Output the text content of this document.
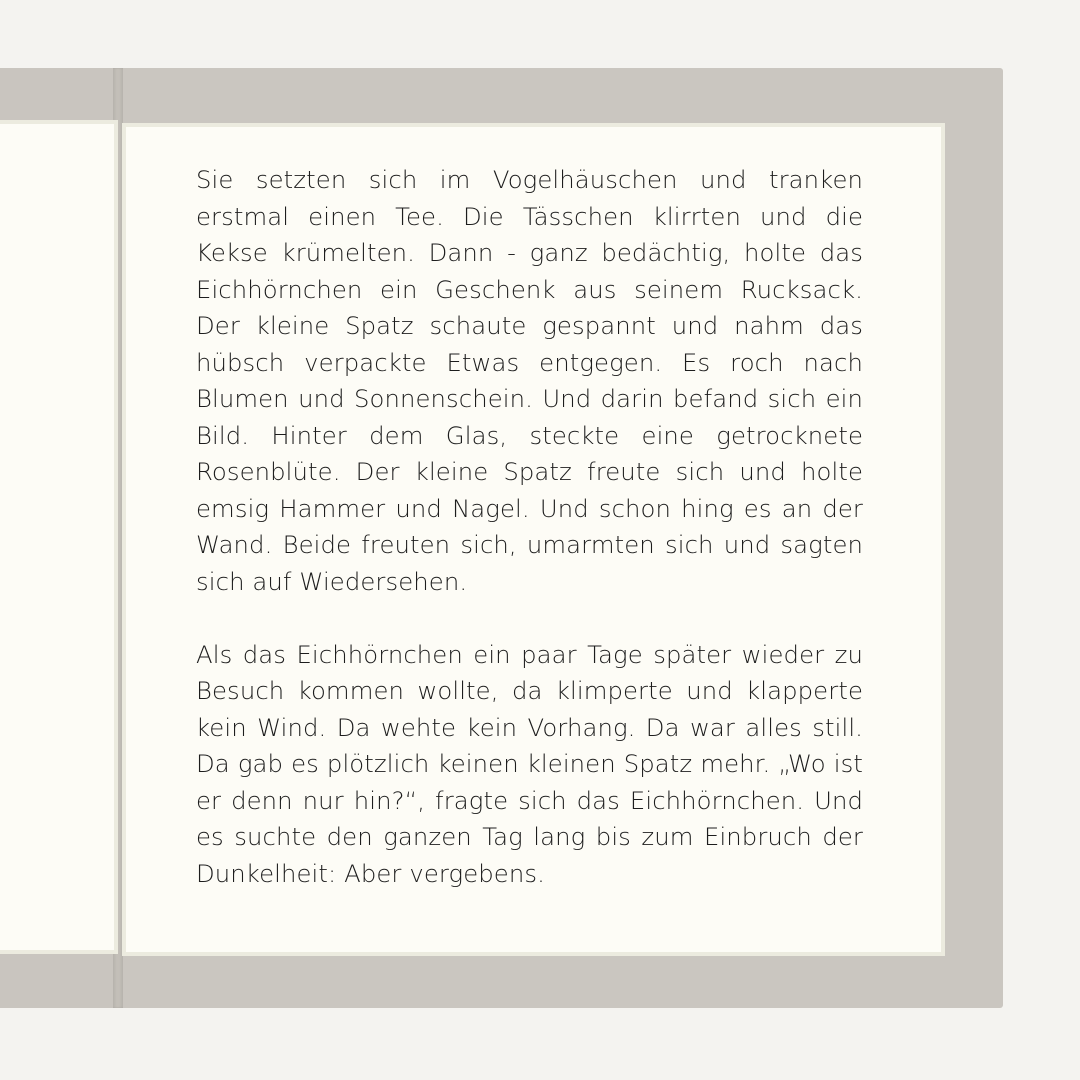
Sie setzten sich im Vogelhäuschen und tranken erstmal einen Tee. Die Tässchen klirrten und die Kekse krümelten. Dann - ganz bedächtig, holte das Eichhörnchen ein Geschenk aus seinem Rucksack. Der kleine Spatz schaute gespannt und nahm das hübsch verpackte Etwas entgegen. Es roch nach Blumen und Sonnenschein. Und darin befand sich ein Bild. Hinter dem Glas, steckte eine getrocknete Rosenblüte. Der kleine Spatz freute sich und holte emsig Hammer und Nagel. Und schon hing es an der Wand. Beide freuten sich, umarmten sich und sagten sich auf Wiedersehen.

Als das Eichhörnchen ein paar Tage später wieder zu Besuch kommen wollte, da klimperte und klapperte kein Wind. Da wehte kein Vorhang. Da war alles still. Da gab es plötzlich keinen kleinen Spatz mehr. „Wo ist er denn nur hin?“, fragte sich das Eichhörnchen. Und es suchte den ganzen Tag lang bis zum Einbruch der Dunkelheit: Aber vergebens.
